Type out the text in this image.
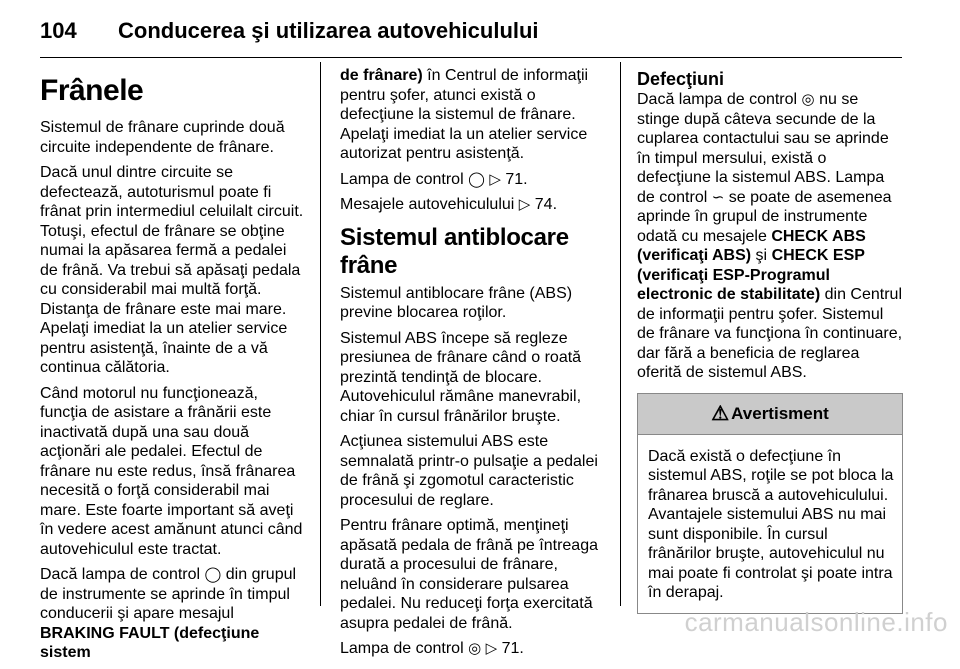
104 Conducerea şi utilizarea autovehiculului
Frânele

Sistemul de frânare cuprinde două circuite independente de frânare.

Dacă unul dintre circuite se defectează, autoturismul poate fi frânat prin intermediul celuilalt circuit. Totuşi, efectul de frânare se obţine numai la apăsarea fermă a pedalei de frână. Va trebui să apăsaţi pedala cu considerabil mai multă forţă. Distanţa de frânare este mai mare. Apelaţi imediat la un atelier service pentru asistenţă, înainte de a vă continua călătoria.

Când motorul nu funcţionează, funcţia de asistare a frânării este inactivată după una sau două acţionări ale pedalei. Efectul de frânare nu este redus, însă frânarea necesită o forţă considerabil mai mare. Este foarte important să aveţi în vedere acest amănunt atunci când autovehiculul este tractat.

Dacă lampa de control ◯ din grupul de instrumente se aprinde în timpul conducerii şi apare mesajul
BRAKING FAULT (defecţiune sistem

de frânare) în Centrul de informaţii pentru şofer, atunci există o defecţiune la sistemul de frânare. Apelaţi imediat la un atelier service autorizat pentru asistenţă.

Lampa de control ◯ ▷ 71.

Mesajele autovehiculului ▷ 74.

Sistemul antiblocare frâne

Sistemul antiblocare frâne (ABS) previne blocarea roţilor.

Sistemul ABS începe să regleze presiunea de frânare când o roată prezintă tendinţă de blocare. Autovehiculul rămâne manevrabil, chiar în cursul frânărilor bruşte.

Acţiunea sistemului ABS este semnalată printr-o pulsaţie a pedalei de frână şi zgomotul caracteristic procesului de reglare.

Pentru frânare optimă, menţineţi apăsată pedala de frână pe întreaga durată a procesului de frânare, neluând în considerare pulsarea pedalei. Nu reduceţi forţa exercitată asupra pedalei de frână.

Lampa de control ◎ ▷ 71.

Defecţiuni

Dacă lampa de control ◎ nu se stinge după câteva secunde de la cuplarea contactului sau se aprinde în timpul mersului, există o defecţiune la sistemul ABS. Lampa de control ∽ se poate de asemenea aprinde în grupul de instrumente odată cu mesajele CHECK ABS (verificaţi ABS) şi CHECK ESP (verificaţi ESP-Programul electronic de stabilitate) din Centrul de informaţii pentru şofer. Sistemul de frânare va funcţiona în continuare, dar fără a beneficia de reglarea oferită de sistemul ABS.

⚠ Avertisment

Dacă există o defecţiune în sistemul ABS, roţile se pot bloca la frânarea bruscă a autovehiculului. Avantajele sistemului ABS nu mai sunt disponibile. În cursul frânărilor bruşte, autovehiculul nu mai poate fi controlat şi poate intra în derapaj.

carmanualsonline.info
